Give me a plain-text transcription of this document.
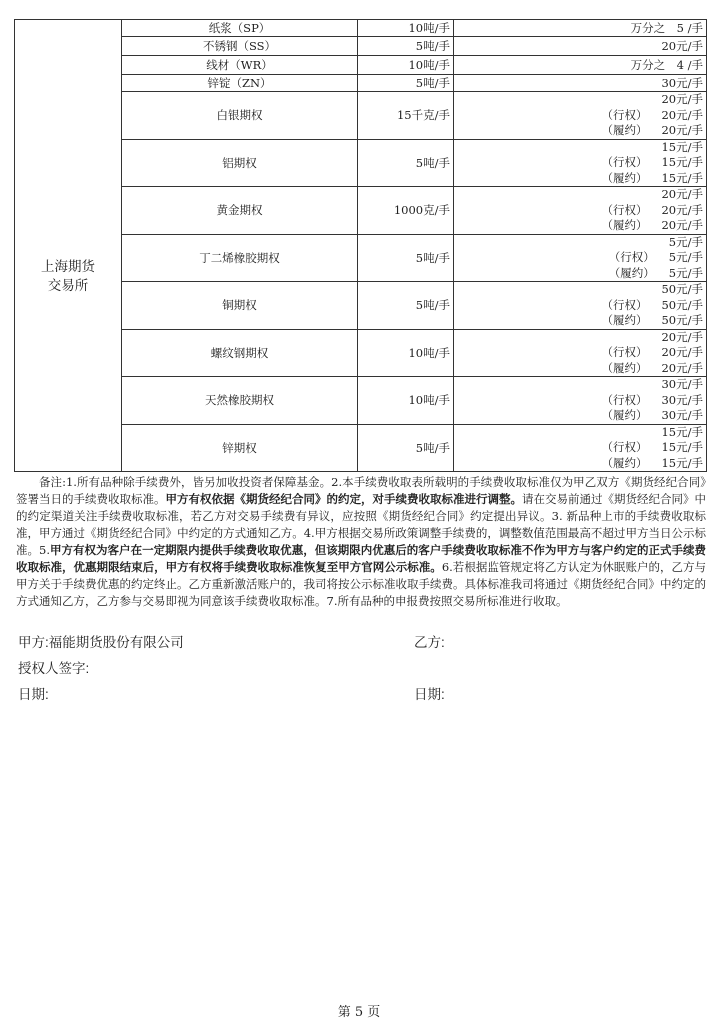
上海期货
交易所	纸浆（SP）	10吨/手	万分之　5 /手
	不锈钢（SS）	5吨/手	20元/手
	线材（WR）	10吨/手	万分之　4 /手
	锌锭（ZN）	5吨/手	30元/手
	白银期权	15千克/手	20元/手
（行权） 20元/手
（履约） 20元/手

	铝期权	5吨/手	15元/手
（行权） 15元/手
（履约） 15元/手

	黄金期权	1000克/手	20元/手
（行权） 20元/手
（履约） 20元/手

	丁二烯橡胶期权	5吨/手	5元/手
（行权） 5元/手
（履约） 5元/手

	铜期权	5吨/手	50元/手
（行权） 50元/手
（履约） 50元/手

	螺纹钢期权	10吨/手	20元/手
（行权） 20元/手
（履约） 20元/手

	天然橡胶期权	10吨/手	30元/手
（行权） 30元/手
（履约） 30元/手

	锌期权	5吨/手	15元/手
（行权） 15元/手
（履约） 15元/手

备注:1.所有品种除手续费外，皆另加收投资者保障基金。2.本手续费收取表所载明的手续费收取标准仅为甲乙双方《期货经纪合同》签署当日的手续费收取标准。甲方有权依据《期货经纪合同》的约定，对手续费收取标准进行调整。请在交易前通过《期货经纪合同》中的约定渠道关注手续费收取标准，若乙方对交易手续费有异议，应按照《期货经纪合同》约定提出异议。3. 新品种上市的手续费收取标准，甲方通过《期货经纪合同》中约定的方式通知乙方。4.甲方根据交易所政策调整手续费的，调整数值范围最高不超过甲方当日公示标准。5.甲方有权为客户在一定期限内提供手续费收取优惠，但该期限内优惠后的客户手续费收取标准不作为甲方与客户约定的正式手续费收取标准，优惠期限结束后，甲方有权将手续费收取标准恢复至甲方官网公示标准。6.若根据监管规定将乙方认定为休眠账户的，乙方与甲方关于手续费优惠的约定终止。乙方重新激活账户的，我司将按公示标准收取手续费。具体标准我司将通过《期货经纪合同》中约定的方式通知乙方，乙方参与交易即视为同意该手续费收取标准。7.所有品种的申报费按照交易所标准进行收取。

甲方:福能期货股份有限公司	乙方:
授权人签字:
日期:	日期:
第 5 页
